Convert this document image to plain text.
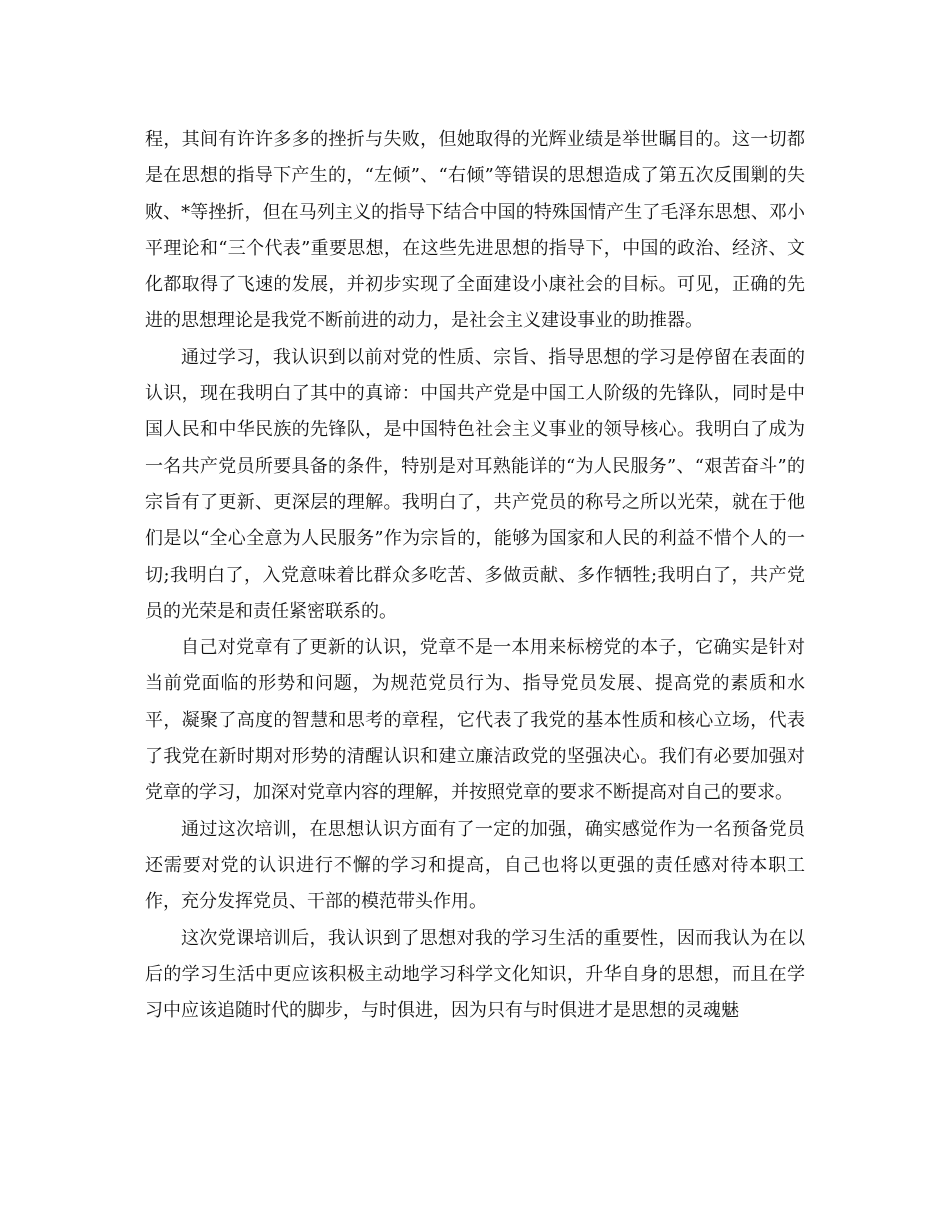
程，其间有许许多多的挫折与失败，但她取得的光辉业绩是举世瞩目的。这一切都是在思想的指导下产生的，“左倾”、“右倾”等错误的思想造成了第五次反围剿的失败、*等挫折，但在马列主义的指导下结合中国的特殊国情产生了毛泽东思想、邓小平理论和“三个代表”重要思想，在这些先进思想的指导下，中国的政治、经济、文化都取得了飞速的发展，并初步实现了全面建设小康社会的目标。可见，正确的先进的思想理论是我党不断前进的动力，是社会主义建设事业的助推器。

通过学习，我认识到以前对党的性质、宗旨、指导思想的学习是停留在表面的认识，现在我明白了其中的真谛：中国共产党是中国工人阶级的先锋队，同时是中国人民和中华民族的先锋队，是中国特色社会主义事业的领导核心。我明白了成为一名共产党员所要具备的条件，特别是对耳熟能详的“为人民服务”、“艰苦奋斗”的宗旨有了更新、更深层的理解。我明白了，共产党员的称号之所以光荣，就在于他们是以“全心全意为人民服务”作为宗旨的，能够为国家和人民的利益不惜个人的一切;我明白了，入党意味着比群众多吃苦、多做贡献、多作牺牲;我明白了，共产党员的光荣是和责任紧密联系的。

自己对党章有了更新的认识，党章不是一本用来标榜党的本子，它确实是针对当前党面临的形势和问题，为规范党员行为、指导党员发展、提高党的素质和水平，凝聚了高度的智慧和思考的章程，它代表了我党的基本性质和核心立场，代表了我党在新时期对形势的清醒认识和建立廉洁政党的坚强决心。我们有必要加强对党章的学习，加深对党章内容的理解，并按照党章的要求不断提高对自己的要求。

通过这次培训，在思想认识方面有了一定的加强，确实感觉作为一名预备党员还需要对党的认识进行不懈的学习和提高，自己也将以更强的责任感对待本职工作，充分发挥党员、干部的模范带头作用。

这次党课培训后，我认识到了思想对我的学习生活的重要性，因而我认为在以后的学习生活中更应该积极主动地学习科学文化知识，升华自身的思想，而且在学习中应该追随时代的脚步，与时俱进，因为只有与时俱进才是思想的灵魂魅
